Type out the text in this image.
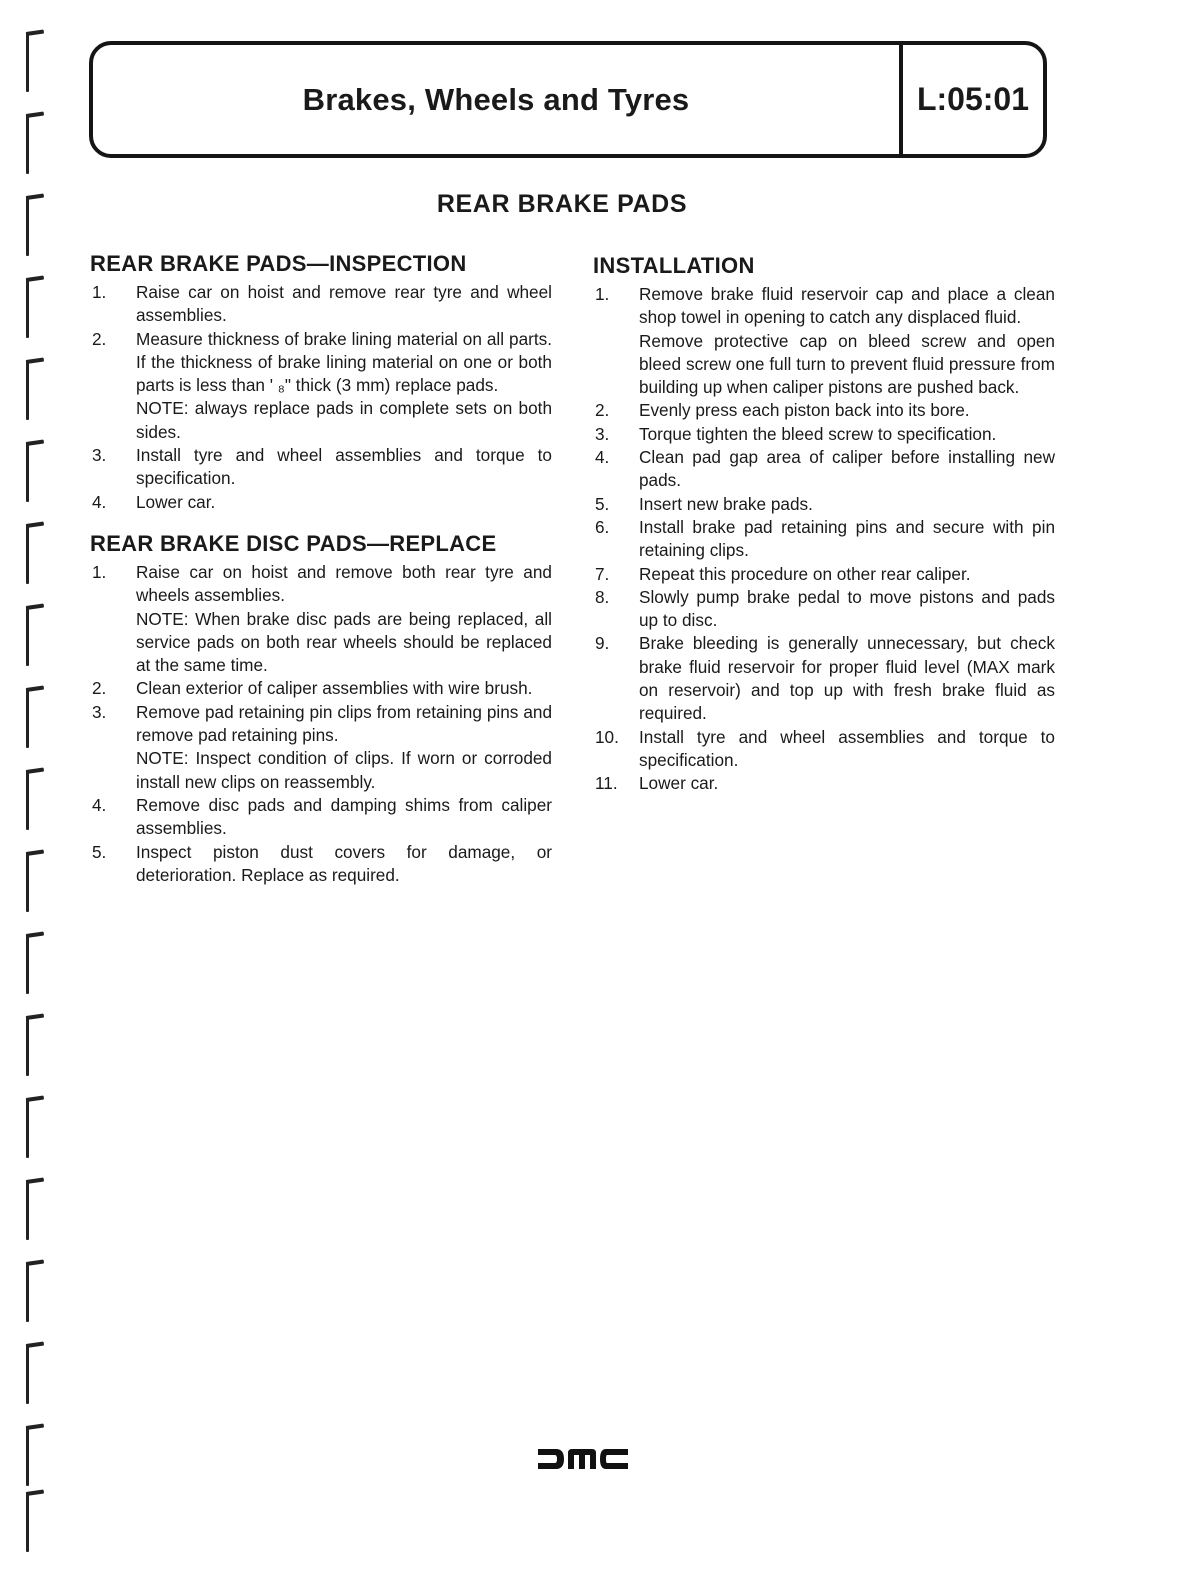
Brakes, Wheels and Tyres	L:05:01
REAR BRAKE PADS
REAR BRAKE PADS—INSPECTION
1.	Raise car on hoist and remove rear tyre and wheel assemblies.

2.	Measure thickness of brake lining material on all parts. If the thickness of brake lining material on one or both parts is less than ' ₈" thick (3 mm) replace pads.

NOTE: always replace pads in complete sets on both sides.

3.	Install tyre and wheel assemblies and torque to specification.

4.	Lower car.

REAR BRAKE DISC PADS—REPLACE
1.	Raise car on hoist and remove both rear tyre and wheels assemblies.

NOTE: When brake disc pads are being replaced, all service pads on both rear wheels should be replaced at the same time.

2.	Clean exterior of caliper assemblies with wire brush.

3.	Remove pad retaining pin clips from retaining pins and remove pad retaining pins.

NOTE: Inspect condition of clips. If worn or corroded install new clips on reassembly.

4.	Remove disc pads and damping shims from caliper assemblies.

5.	Inspect piston dust covers for damage, or deterioration. Replace as required.

INSTALLATION
1.	Remove brake fluid reservoir cap and place a clean shop towel in opening to catch any displaced fluid.

Remove protective cap on bleed screw and open bleed screw one full turn to prevent fluid pressure from building up when caliper pistons are pushed back.

2.	Evenly press each piston back into its bore.

3.	Torque tighten the bleed screw to specification.

4.	Clean pad gap area of caliper before installing new pads.

5.	Insert new brake pads.

6.	Install brake pad retaining pins and secure with pin retaining clips.

7.	Repeat this procedure on other rear caliper.

8.	Slowly pump brake pedal to move pistons and pads up to disc.

9.	Brake bleeding is generally unnecessary, but check brake fluid reservoir for proper fluid level (MAX mark on reservoir) and top up with fresh brake fluid as required.

10.	Install tyre and wheel assemblies and torque to specification.

11.	Lower car.
